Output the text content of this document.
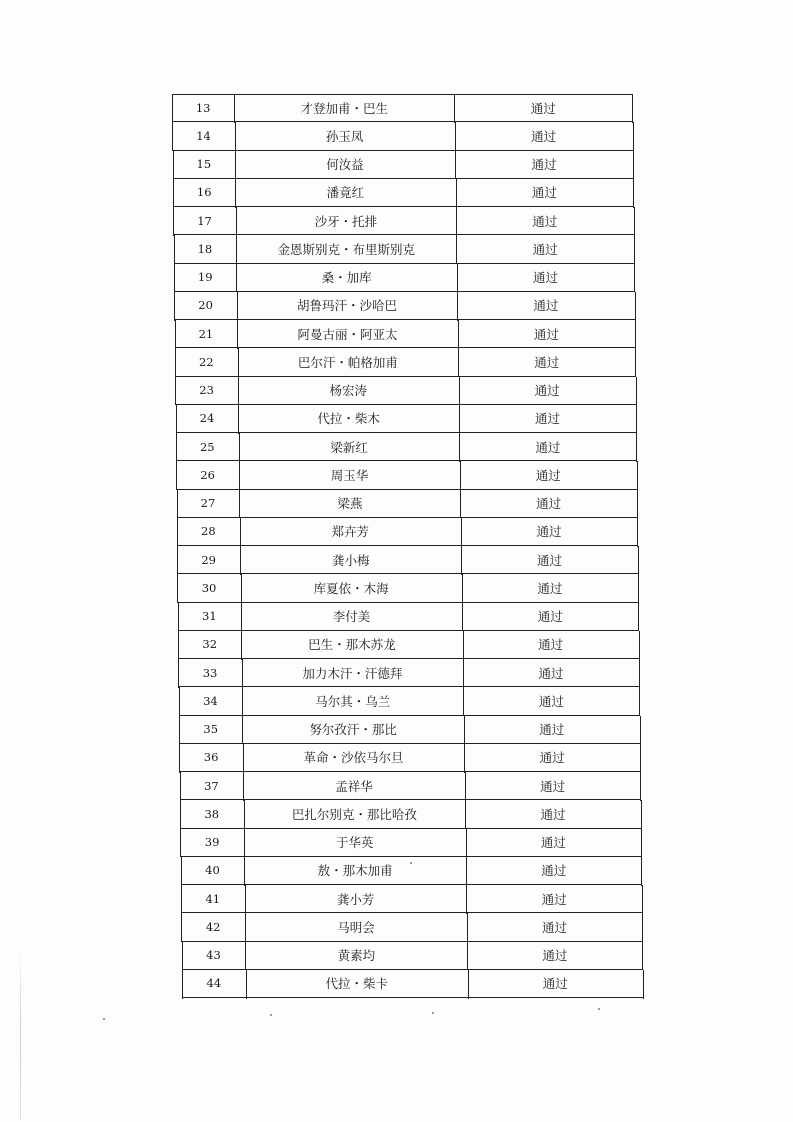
13	才登加甫・巴生	通过
14	孙玉凤	通过
15	何汝益	通过
16	潘竟红	通过
17	沙牙・托排	通过
18	金恩斯别克・布里斯别克	通过
19	桑・加库	通过
20	胡鲁玛汗・沙哈巴	通过
21	阿曼古丽・阿亚太	通过
22	巴尔汗・帕格加甫	通过
23	杨宏涛	通过
24	代拉・柴木	通过
25	梁新红	通过
26	周玉华	通过
27	梁燕	通过
28	郑卉芳	通过
29	龚小梅	通过
30	库夏依・木海	通过
31	李付美	通过
32	巴生・那木苏龙	通过
33	加力木汗・汗德拜	通过
34	马尔其・乌兰	通过
35	努尔孜汗・那比	通过
36	革命・沙依马尔旦	通过
37	孟祥华	通过
38	巴扎尔别克・那比哈孜	通过
39	于华英	通过
40	敖・那木加甫	通过
41	龚小芳	通过
42	马明会	通过
43	黄素均	通过
44	代拉・柴卡	通过
